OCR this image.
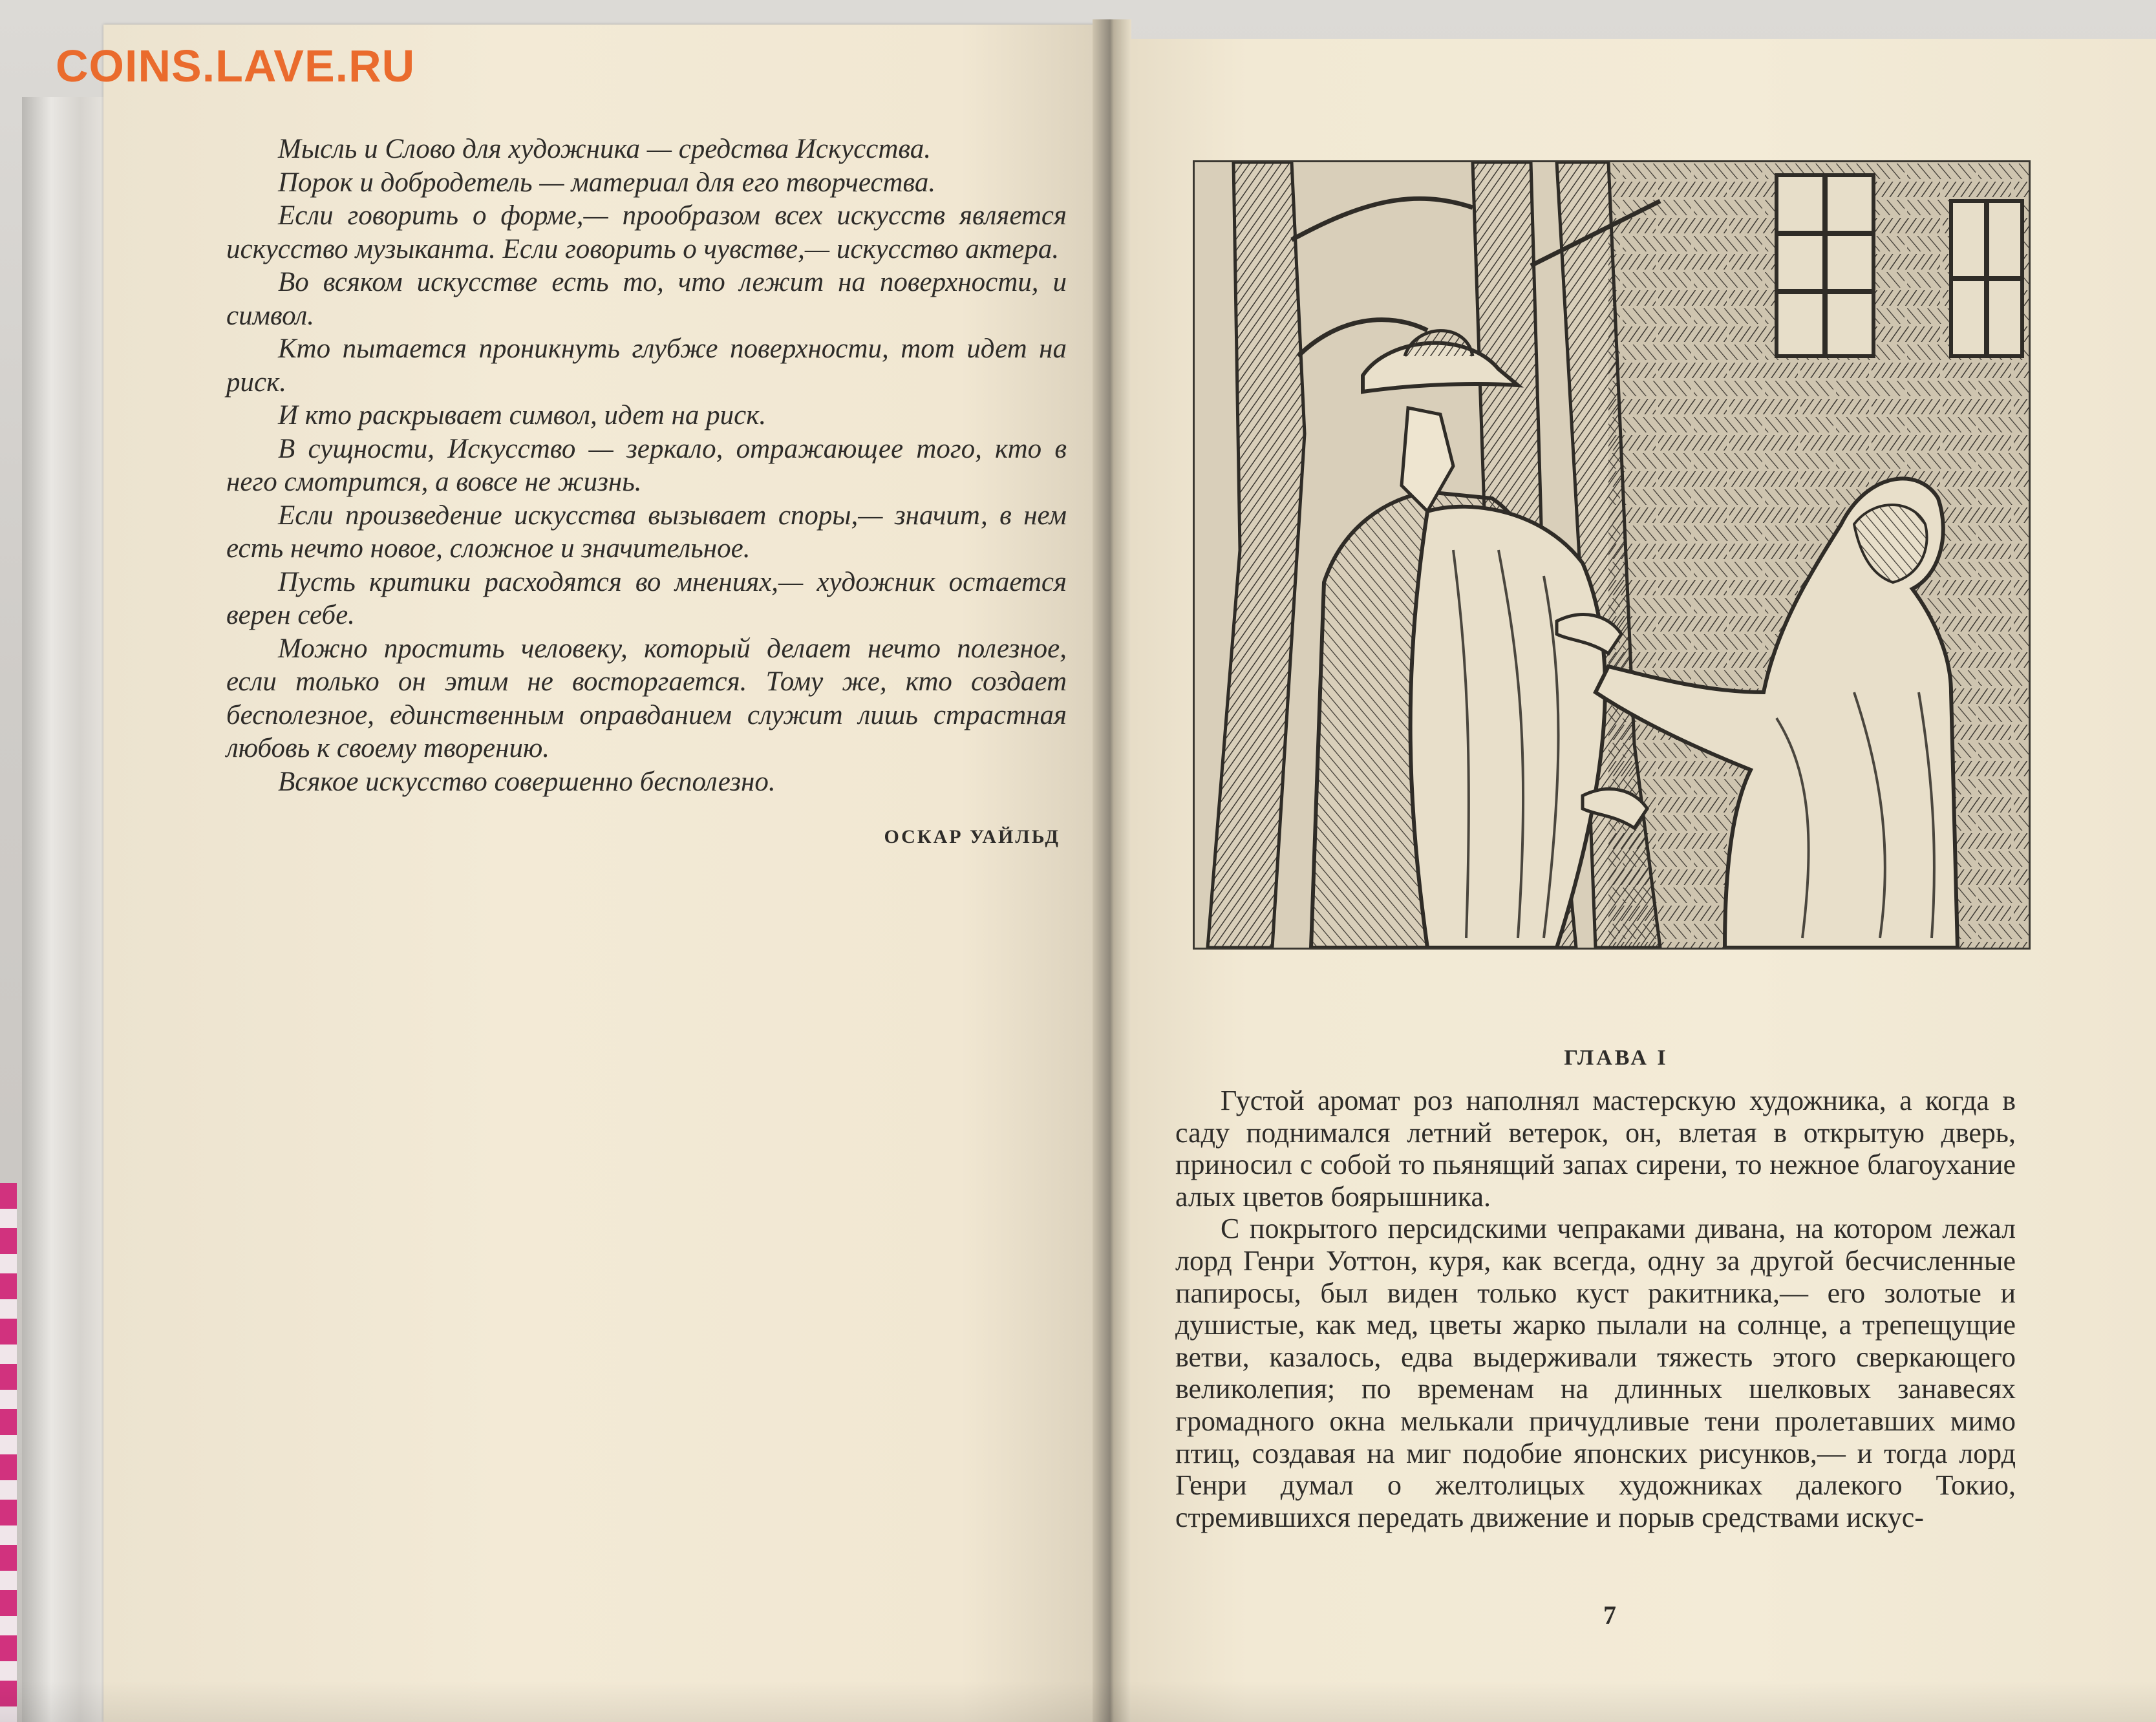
COINS.LAVE.RU

Мысль и Слово для художника — средства Искусства.

Порок и добродетель — материал для его творчества.

Если говорить о форме,— прообразом всех искусств является искусство музыканта. Если говорить о чувстве,— искусство актера.

Во всяком искусстве есть то, что лежит на поверхности, и символ.

Кто пытается проникнуть глубже поверхности, тот идет на риск.

И кто раскрывает символ, идет на риск.

В сущности, Искусство — зеркало, отражающее того, кто в него смотрится, а вовсе не жизнь.

Если произведение искусства вызывает споры,— значит, в нем есть нечто новое, сложное и значительное.

Пусть критики расходятся во мнениях,— художник остается верен себе.

Можно простить человеку, который делает нечто полезное, если только он этим не восторгается. Тому же, кто создает бесполезное, единственным оправданием служит лишь страстная любовь к своему творению.

Всякое искусство совершенно бесполезно.

ОСКАР УАЙЛЬД
ГЛАВА I

Густой аромат роз наполнял мастерскую художника, а когда в саду поднимался летний ветерок, он, влетая в открытую дверь, приносил с собой то пьянящий запах сирени, то нежное благоухание алых цветов боярышника.

С покрытого персидскими чепраками дивана, на котором лежал лорд Генри Уоттон, куря, как всегда, одну за другой бесчисленные папиросы, был виден только куст ракитника,— его золотые и душистые, как мед, цветы жарко пылали на солнце, а трепещущие ветви, казалось, едва выдерживали тяжесть этого сверкающего великолепия; по временам на длинных шелковых занавесях громадного окна мелькали причудливые тени пролетавших мимо птиц, создавая на миг подобие японских рисунков,— и тогда лорд Генри думал о желтолицых художниках далекого Токио, стремившихся передать движение и порыв средствами искус-

7
